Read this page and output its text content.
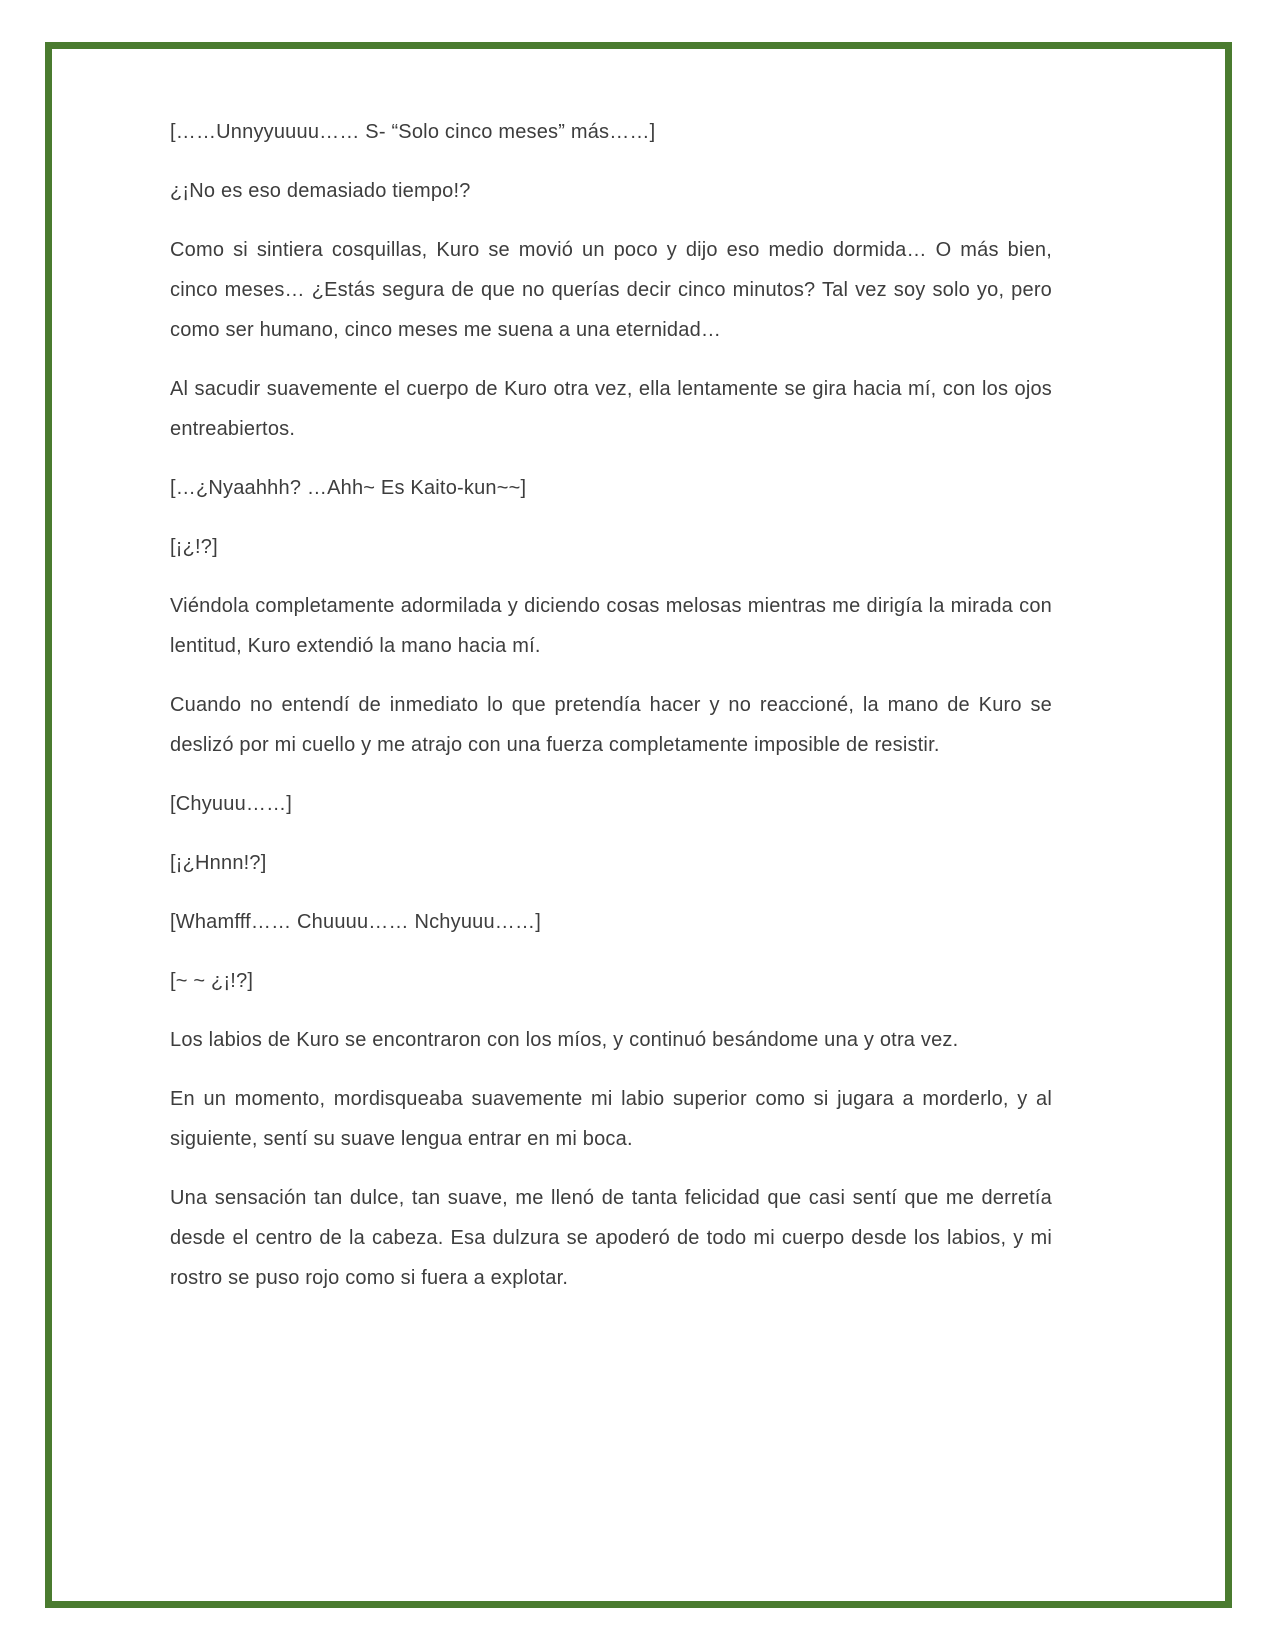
[……Unnyyuuuu…… S- “Solo cinco meses” más……]

¿¡No es eso demasiado tiempo!?

Como si sintiera cosquillas, Kuro se movió un poco y dijo eso medio dormida… O más bien, cinco meses… ¿Estás segura de que no querías decir cinco minutos? Tal vez soy solo yo, pero como ser humano, cinco meses me suena a una eternidad…

Al sacudir suavemente el cuerpo de Kuro otra vez, ella lentamente se gira hacia mí, con los ojos entreabiertos.

[…¿Nyaahhh? …Ahh~ Es Kaito-kun~~]

[¡¿!?]

Viéndola completamente adormilada y diciendo cosas melosas mientras me dirigía la mirada con lentitud, Kuro extendió la mano hacia mí.

Cuando no entendí de inmediato lo que pretendía hacer y no reaccioné, la mano de Kuro se deslizó por mi cuello y me atrajo con una fuerza completamente imposible de resistir.

[Chyuuu……]

[¡¿Hnnn!?]

[Whamfff…… Chuuuu…… Nchyuuu……]

[~ ~ ¿¡!?]

Los labios de Kuro se encontraron con los míos, y continuó besándome una y otra vez.

En un momento, mordisqueaba suavemente mi labio superior como si jugara a morderlo, y al siguiente, sentí su suave lengua entrar en mi boca.

Una sensación tan dulce, tan suave, me llenó de tanta felicidad que casi sentí que me derretía desde el centro de la cabeza. Esa dulzura se apoderó de todo mi cuerpo desde los labios, y mi rostro se puso rojo como si fuera a explotar.
